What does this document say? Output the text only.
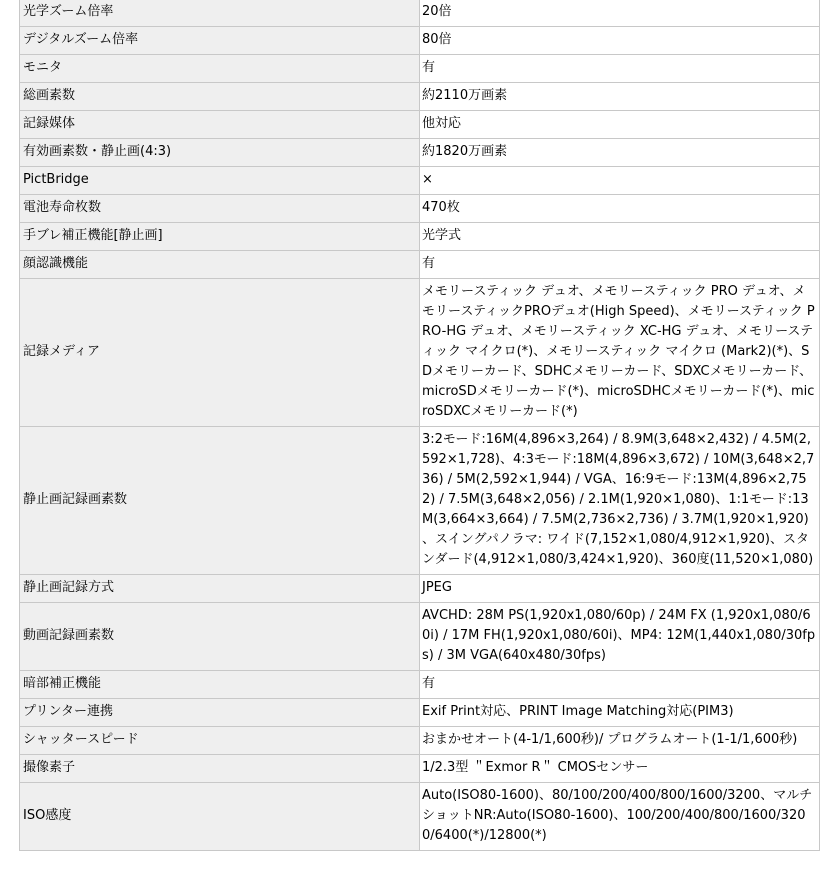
光学ズーム倍率	20倍
デジタルズーム倍率	80倍
モニタ	有
総画素数	約2110万画素
記録媒体	他対応
有効画素数・静止画(4:3)	約1820万画素
PictBridge	×
電池寿命枚数	470枚
手ブレ補正機能[静止画]	光学式
顔認識機能	有
記録メディア	メモリースティック デュオ、メモリースティック PRO デュオ、メモリースティックPROデュオ(High Speed)、メモリースティック PRO-HG デュオ、メモリースティック XC-HG デュオ、メモリースティック マイクロ(*)、メモリースティック マイクロ (Mark2)(*)、SDメモリーカード、SDHCメモリーカード、SDXCメモリーカード、microSDメモリーカード(*)、microSDHCメモリーカード(*)、microSDXCメモリーカード(*)
静止画記録画素数	3:2モード:16M(4,896×3,264) / 8.9M(3,648×2,432) / 4.5M(2,592×1,728)、4:3モード:18M(4,896×3,672) / 10M(3,648×2,736) / 5M(2,592×1,944) / VGA、16:9モード:13M(4,896×2,752) / 7.5M(3,648×2,056) / 2.1M(1,920×1,080)、1:1モード:13M(3,664×3,664) / 7.5M(2,736×2,736) / 3.7M(1,920×1,920) 、スイングパノラマ: ワイド(7,152×1,080/4,912×1,920)、スタンダード(4,912×1,080/3,424×1,920)、360度(11,520×1,080)
静止画記録方式	JPEG
動画記録画素数	AVCHD: 28M PS(1,920x1,080/60p) / 24M FX (1,920x1,080/60i) / 17M FH(1,920x1,080/60i)、MP4: 12M(1,440x1,080/30fps) / 3M VGA(640x480/30fps)
暗部補正機能	有
プリンター連携	Exif Print対応、PRINT Image Matching対応(PIM3)
シャッタースピード	おまかせオート(4-1/1,600秒)/ プログラムオート(1-1/1,600秒)
撮像素子	1/2.3型 ＂Exmor R＂ CMOSセンサー
ISO感度	Auto(ISO80-1600)、80/100/200/400/800/1600/3200、マルチショットNR:Auto(ISO80-1600)、100/200/400/800/1600/3200/6400(*)/12800(*)
